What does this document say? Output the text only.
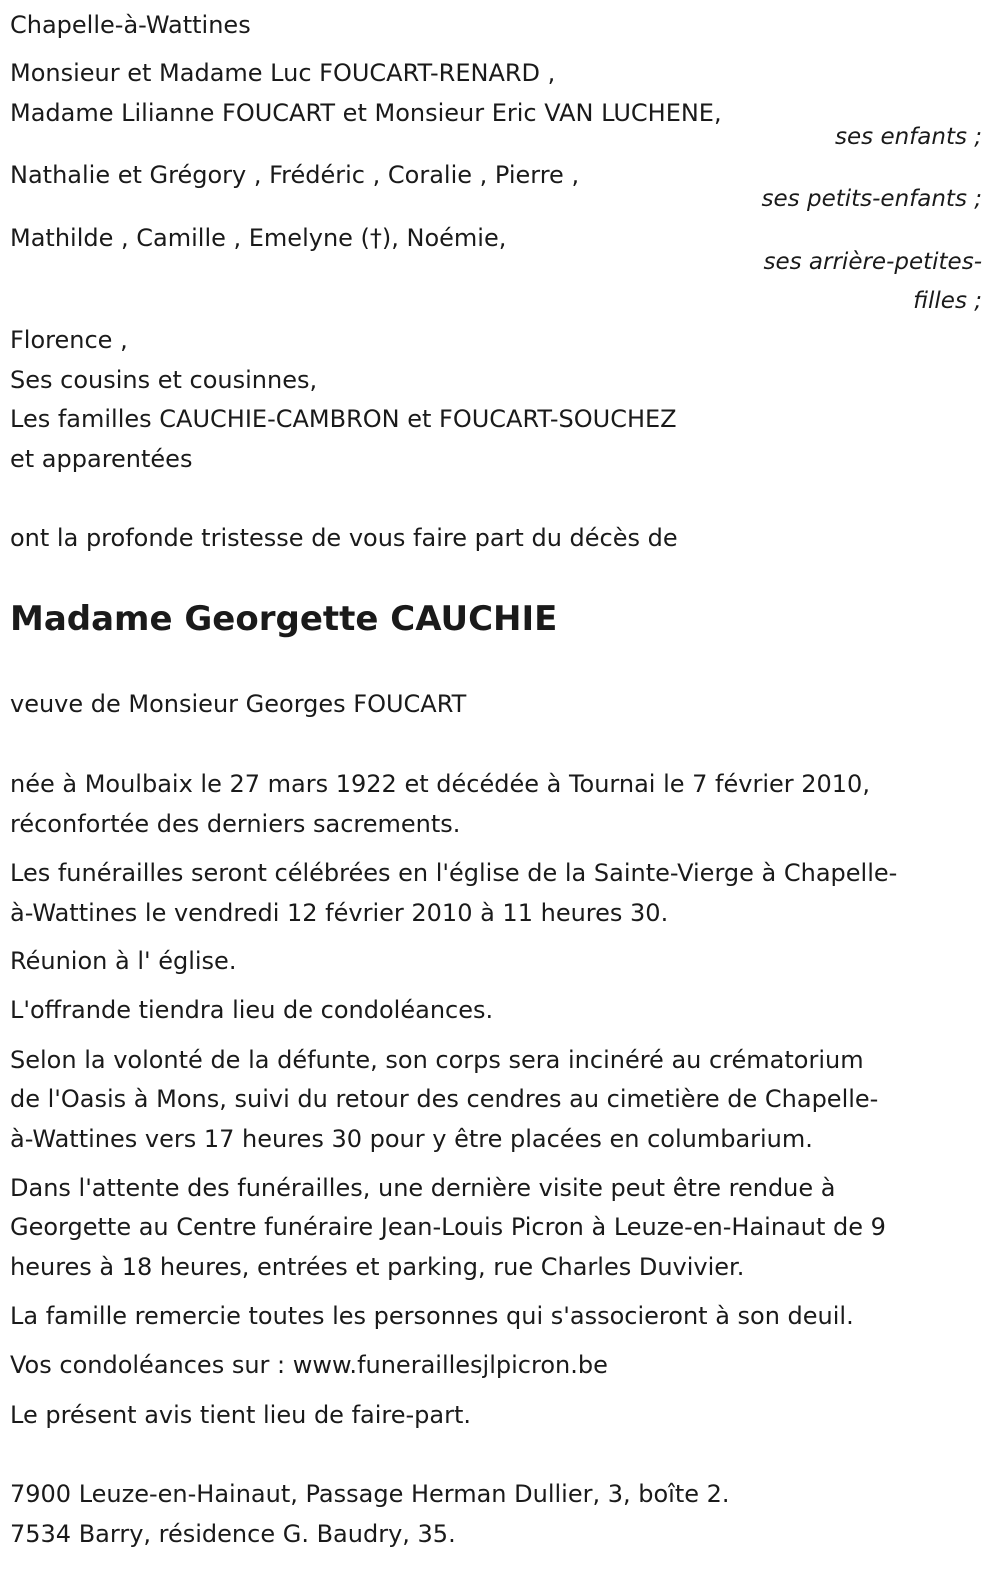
Chapelle-à-Wattines
Monsieur et Madame Luc FOUCART-RENARD ,
Madame Lilianne FOUCART et Monsieur Eric VAN LUCHENE,
ses enfants ;
Nathalie et Grégory , Frédéric , Coralie , Pierre ,
ses petits-enfants ;
Mathilde , Camille , Emelyne (†), Noémie,
ses arrière-petites-
filles ;
Florence ,
Ses cousins et cousinnes,
Les familles CAUCHIE-CAMBRON et FOUCART-SOUCHEZ
et apparentées
ont la profonde tristesse de vous faire part du décès de
Madame Georgette CAUCHIE
veuve de Monsieur Georges FOUCART
née à Moulbaix le 27 mars 1922 et décédée à Tournai le 7 février 2010,
réconfortée des derniers sacrements.
Les funérailles seront célébrées en l'église de la Sainte-Vierge à Chapelle-
à-Wattines le vendredi 12 février 2010 à 11 heures 30.
Réunion à l' église.
L'offrande tiendra lieu de condoléances.
Selon la volonté de la défunte, son corps sera incinéré au crématorium
de l'Oasis à Mons, suivi du retour des cendres au cimetière de Chapelle-
à-Wattines vers 17 heures 30 pour y être placées en columbarium.
Dans l'attente des funérailles, une dernière visite peut être rendue à
Georgette au Centre funéraire Jean-Louis Picron à Leuze-en-Hainaut de 9
heures à 18 heures, entrées et parking, rue Charles Duvivier.
La famille remercie toutes les personnes qui s'associeront à son deuil.
Vos condoléances sur : www.funeraillesjlpicron.be
Le présent avis tient lieu de faire-part.
7900 Leuze-en-Hainaut, Passage Herman Dullier, 3, boîte 2.
7534 Barry, résidence G. Baudry, 35.
